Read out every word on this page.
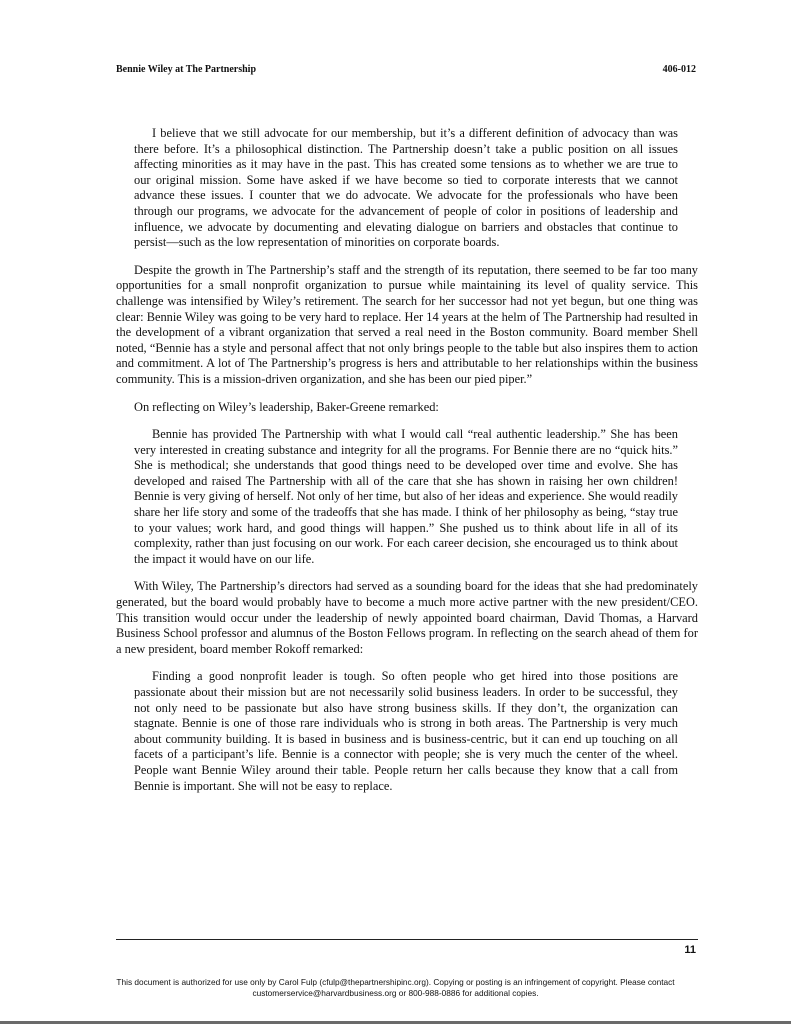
Bennie Wiley at The Partnership	406-012

I believe that we still advocate for our membership, but it’s a different definition of advocacy than was there before. It’s a philosophical distinction. The Partnership doesn’t take a public position on all issues affecting minorities as it may have in the past. This has created some tensions as to whether we are true to our original mission. Some have asked if we have become so tied to corporate interests that we cannot advance these issues. I counter that we do advocate. We advocate for the professionals who have been through our programs, we advocate for the advancement of people of color in positions of leadership and influence, we advocate by documenting and elevating dialogue on barriers and obstacles that continue to persist—such as the low representation of minorities on corporate boards.

Despite the growth in The Partnership’s staff and the strength of its reputation, there seemed to be far too many opportunities for a small nonprofit organization to pursue while maintaining its level of quality service. This challenge was intensified by Wiley’s retirement. The search for her successor had not yet begun, but one thing was clear: Bennie Wiley was going to be very hard to replace. Her 14 years at the helm of The Partnership had resulted in the development of a vibrant organization that served a real need in the Boston community. Board member Shell noted, “Bennie has a style and personal affect that not only brings people to the table but also inspires them to action and commitment. A lot of The Partnership’s progress is hers and attributable to her relationships within the business community. This is a mission-driven organization, and she has been our pied piper.”

On reflecting on Wiley’s leadership, Baker-Greene remarked:

Bennie has provided The Partnership with what I would call “real authentic leadership.” She has been very interested in creating substance and integrity for all the programs. For Bennie there are no “quick hits.” She is methodical; she understands that good things need to be developed over time and evolve. She has developed and raised The Partnership with all of the care that she has shown in raising her own children! Bennie is very giving of herself. Not only of her time, but also of her ideas and experience. She would readily share her life story and some of the tradeoffs that she has made. I think of her philosophy as being, “stay true to your values; work hard, and good things will happen.” She pushed us to think about life in all of its complexity, rather than just focusing on our work. For each career decision, she encouraged us to think about the impact it would have on our life.

With Wiley, The Partnership’s directors had served as a sounding board for the ideas that she had predominately generated, but the board would probably have to become a much more active partner with the new president/CEO. This transition would occur under the leadership of newly appointed board chairman, David Thomas, a Harvard Business School professor and alumnus of the Boston Fellows program. In reflecting on the search ahead of them for a new president, board member Rokoff remarked:

Finding a good nonprofit leader is tough. So often people who get hired into those positions are passionate about their mission but are not necessarily solid business leaders. In order to be successful, they not only need to be passionate but also have strong business skills. If they don’t, the organization can stagnate. Bennie is one of those rare individuals who is strong in both areas. The Partnership is very much about community building. It is based in business and is business-centric, but it can end up touching on all facets of a participant’s life. Bennie is a connector with people; she is very much the center of the wheel. People want Bennie Wiley around their table. People return her calls because they know that a call from Bennie is important. She will not be easy to replace.

11
This document is authorized for use only by Carol Fulp (cfulp@thepartnershipinc.org). Copying or posting is an infringement of copyright. Please contact
customerservice@harvardbusiness.org or 800-988-0886 for additional copies.
